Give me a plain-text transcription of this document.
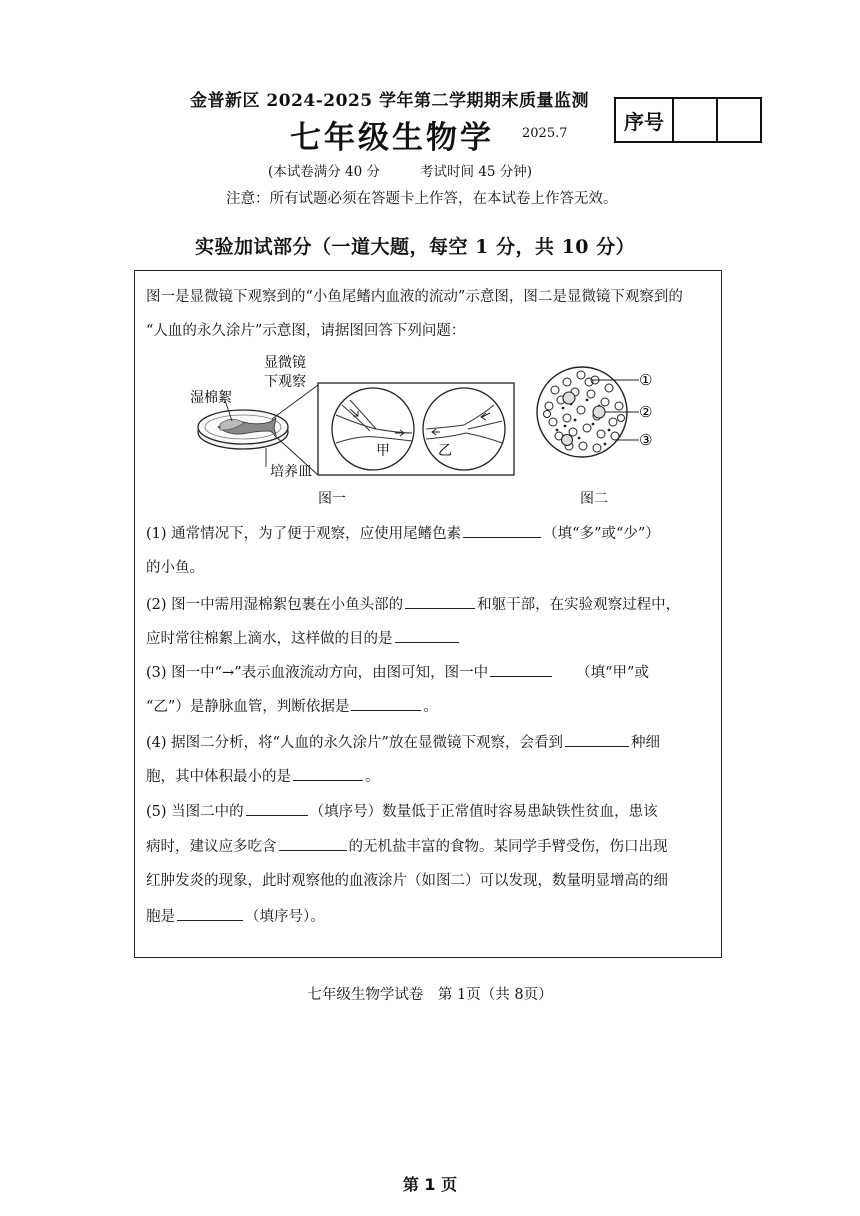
金普新区 2024-2025 学年第二学期期末质量监测
七年级生物学 2025.7	序号
(本试卷满分 40 分	考试时间 45 分钟)
注意：所有试题必须在答题卡上作答，在本试卷上作答无效。
实验加试部分（一道大题，每空 1 分，共 10 分）
图一是显微镜下观察到的“小鱼尾鳍内血液的流动”示意图，图二是显微镜下观察到的
“人血的永久涂片”示意图，请据图回答下列问题：
湿棉絮
显微镜
下观察
培养皿
甲	乙
图一
①
②
③
图二
(1) 通常情况下，为了便于观察，应使用尾鳍色素	（填“多”或“少”）
的小鱼。
(2) 图一中需用湿棉絮包裹在小鱼头部的	和躯干部，在实验观察过程中，
应时常往棉絮上滴水，这样做的目的是
(3) 图一中“→”表示血液流动方向，由图可知，图一中	（填“甲”或
“乙”）是静脉血管，判断依据是	。
(4) 据图二分析，将“人血的永久涂片”放在显微镜下观察，会看到	种细
胞，其中体积最小的是	。
(5) 当图二中的	（填序号）数量低于正常值时容易患缺铁性贫血，患该
病时，建议应多吃含	的无机盐丰富的食物。某同学手臂受伤，伤口出现
红肿发炎的现象，此时观察他的血液涂片（如图二）可以发现，数量明显增高的细
胞是	（填序号）。
七年级生物学试卷　第 1页（共 8页）
第 1 页
